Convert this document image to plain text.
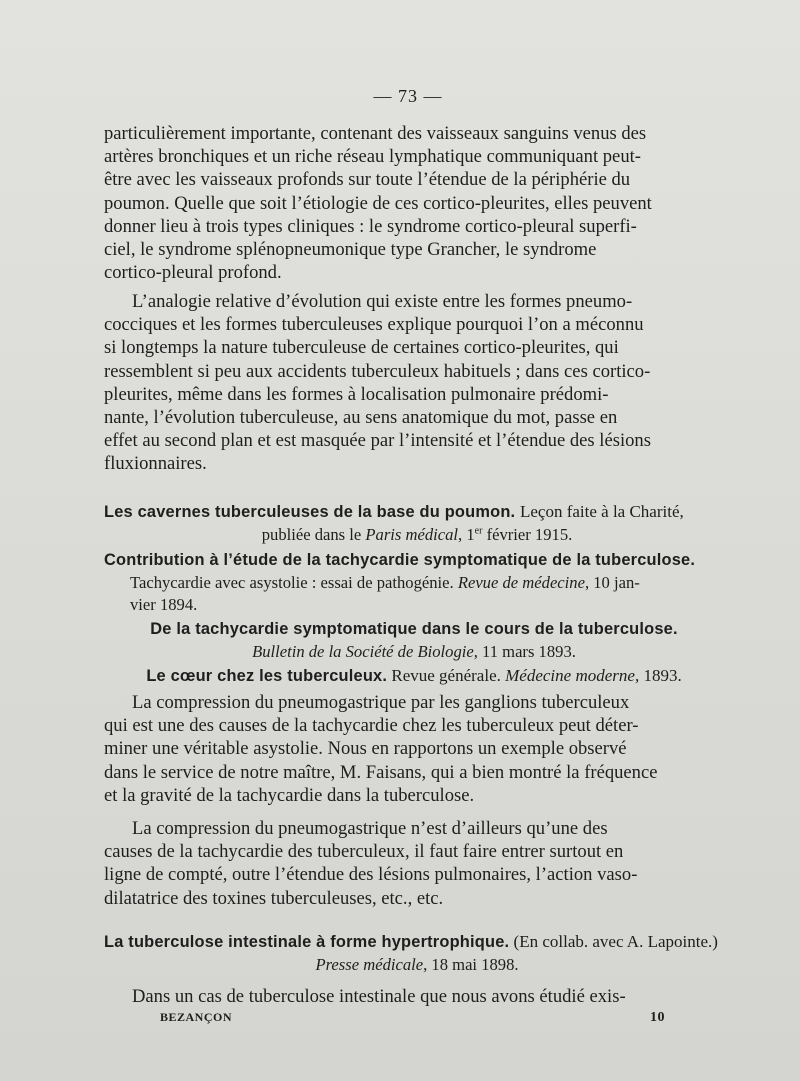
— 73 —

particulièrement importante, contenant des vaisseaux sanguins venus des

artères bronchiques et un riche réseau lymphatique communiquant peut-

être avec les vaisseaux profonds sur toute l’étendue de la périphérie du

poumon. Quelle que soit l’étiologie de ces cortico-pleurites, elles peuvent

donner lieu à trois types cliniques : le syndrome cortico-pleural superfi-

ciel, le syndrome splénopneumonique type Grancher, le syndrome

cortico-pleural profond.

L’analogie relative d’évolution qui existe entre les formes pneumo-

cocciques et les formes tuberculeuses explique pourquoi l’on a méconnu

si longtemps la nature tuberculeuse de certaines cortico-pleurites, qui

ressemblent si peu aux accidents tuberculeux habituels ; dans ces cortico-

pleurites, même dans les formes à localisation pulmonaire prédomi-

nante, l’évolution tuberculeuse, au sens anatomique du mot, passe en

effet au second plan et est masquée par l’intensité et l’étendue des lésions

fluxionnaires.

Les cavernes tuberculeuses de la base du poumon. Leçon faite à la Charité,
publiée dans le Paris médical, 1er février 1915.
Contribution à l’étude de la tachycardie symptomatique de la tuberculose.
Tachycardie avec asystolie : essai de pathogénie. Revue de médecine, 10 jan-
vier 1894.
De la tachycardie symptomatique dans le cours de la tuberculose.
Bulletin de la Société de Biologie, 11 mars 1893.
Le cœur chez les tuberculeux. Revue générale. Médecine moderne, 1893.

La compression du pneumogastrique par les ganglions tuberculeux

qui est une des causes de la tachycardie chez les tuberculeux peut déter-

miner une véritable asystolie. Nous en rapportons un exemple observé

dans le service de notre maître, M. Faisans, qui a bien montré la fréquence

et la gravité de la tachycardie dans la tuberculose.

La compression du pneumogastrique n’est d’ailleurs qu’une des

causes de la tachycardie des tuberculeux, il faut faire entrer surtout en

ligne de compté, outre l’étendue des lésions pulmonaires, l’action vaso-

dilatatrice des toxines tuberculeuses, etc., etc.

La tuberculose intestinale à forme hypertrophique. (En collab. avec A. Lapointe.)
Presse médicale, 18 mai 1898.

Dans un cas de tuberculose intestinale que nous avons étudié exis-

BEZANÇON	10
